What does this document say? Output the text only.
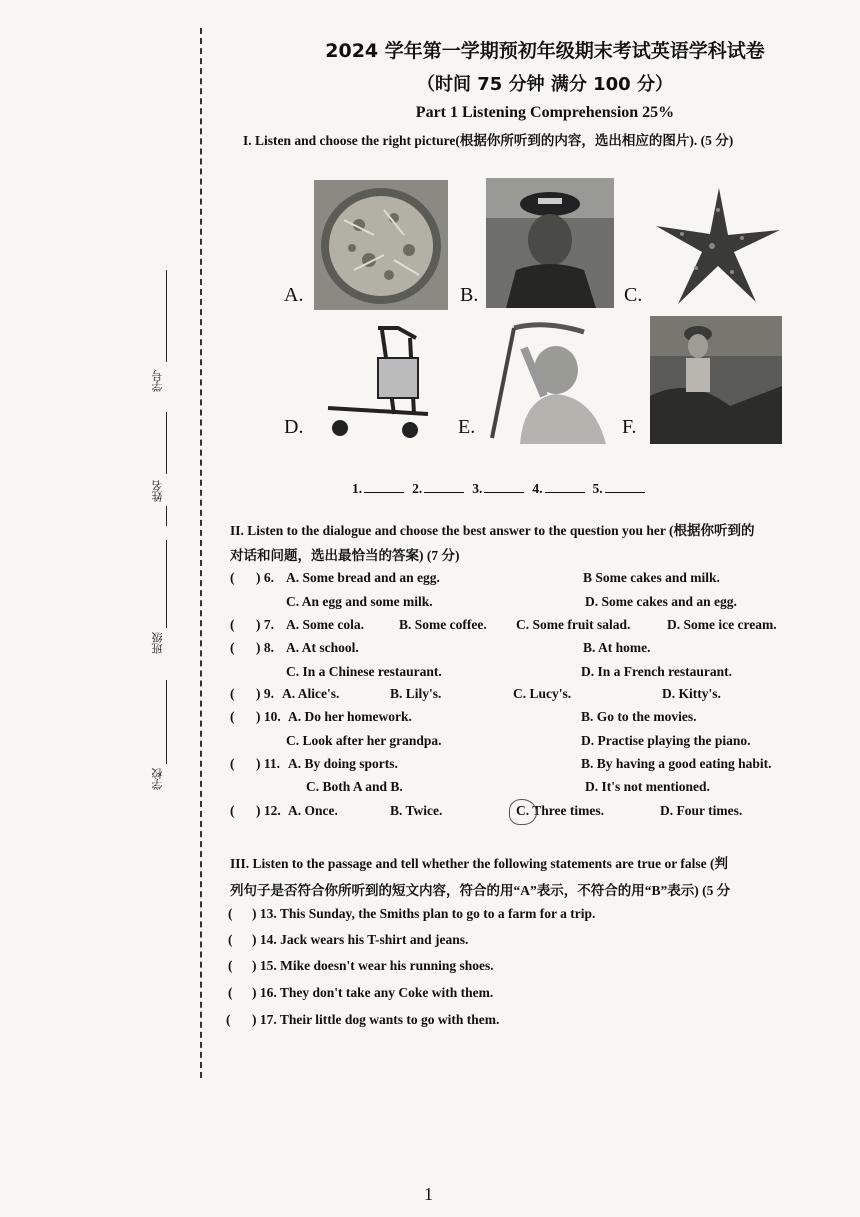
学号
姓名
班级
学校
2024 学年第一学期预初年级期末考试英语学科试卷
（时间 75 分钟 满分 100 分）
Part 1 Listening Comprehension 25%
I. Listen and choose the right picture(根据你所听到的内容，选出相应的图片). (5 分)
A.	B.	C.
D.	E.	F.
1.	2.	3.	4.	5.
II. Listen to the dialogue and choose the best answer to the question you her (根据你听到的
对话和问题，选出最恰当的答案) (7 分)
( ) 6. A. Some bread and an egg.	B Some cakes and milk.
C. An egg and some milk.	D. Some cakes and an egg.
( ) 7. A. Some cola.	B. Some coffee. C. Some fruit salad.	D. Some ice cream.
( ) 8. A. At school.	B. At home.
C. In a Chinese restaurant.	D. In a French restaurant.
( ) 9. A. Alice's.	B. Lily's.	C. Lucy's.	D. Kitty's.
( ) 10. A. Do her homework.	B. Go to the movies.
C. Look after her grandpa.	D. Practise playing the piano.
( ) 11. A. By doing sports.	B. By having a good eating habit.
C. Both A and B.	D. It's not mentioned.
( ) 12. A. Once.	B. Twice.	C. Three times.	D. Four times.
III. Listen to the passage and tell whether the following statements are true or false (判
列句子是否符合你所听到的短文内容，符合的用“A”表示，不符合的用“B”表示) (5 分
( ) 13. This Sunday, the Smiths plan to go to a farm for a trip.
( ) 14. Jack wears his T-shirt and jeans.
( ) 15. Mike doesn't wear his running shoes.
( ) 16. They don't take any Coke with them.
( ) 17. Their little dog wants to go with them.
1
